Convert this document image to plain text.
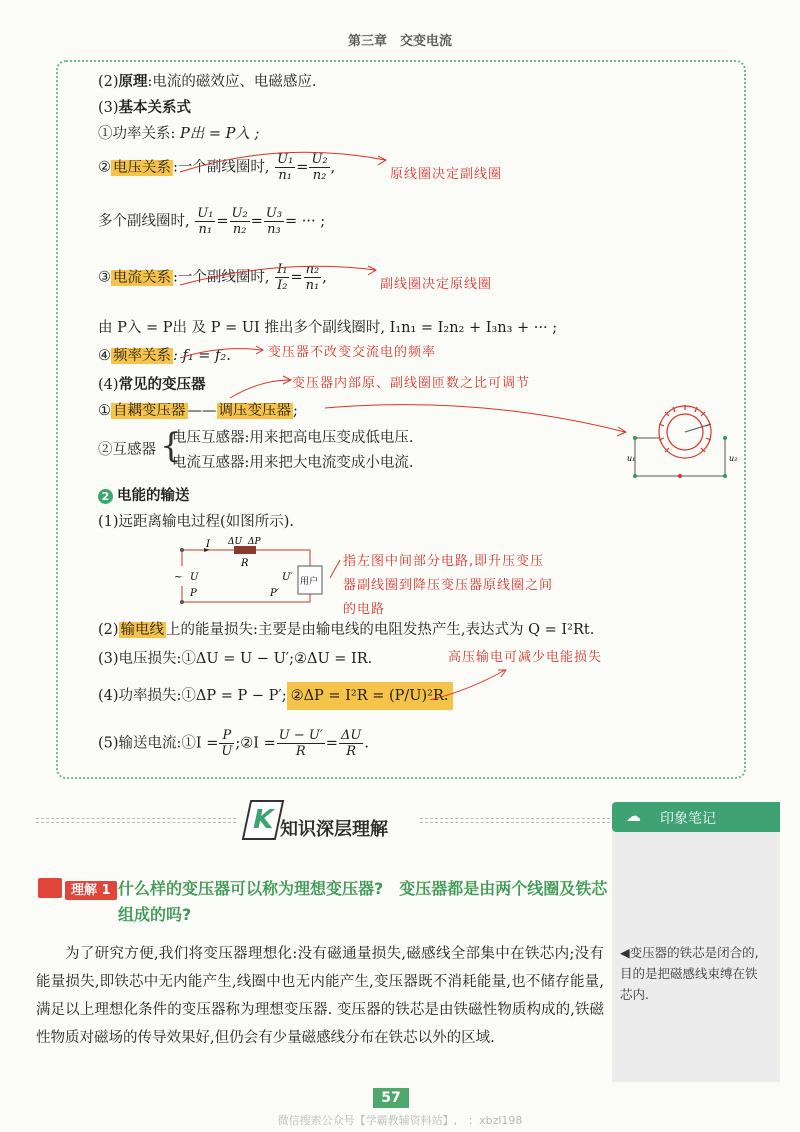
第三章　交变电流
(2)原理:电流的磁效应、电磁感应.
(3)基本关系式
①功率关系: P出 = P入 ;
② 电压关系 :一个副线圈时, $\frac{\text{U₁}}{\text{n₁}} = \frac{\text{U₂}}{\text{n₂}}$ ,
多个副线圈时, $\frac{\text{U₁}}{\text{n₁}} = \frac{\text{U₂}}{\text{n₂}} = \frac{\text{U₃}}{\text{n₃}}$ = ··· ;
③ 电流关系 :一个副线圈时, $\frac{\text{I₁}}{\text{I₂}} = \frac{\text{n₂}}{\text{n₁}}$ ,
由 P入 = P出 及 P = UI 推出多个副线圈时, I₁n₁ = I₂n₂ + I₃n₃ + ··· ;
④ 频率关系 : f₁ = f₂.
(4)常见的变压器
① 自耦变压器 —— 调压变压器 ;
②互感器 {
电压互感器:用来把高电压变成低电压.
电流互感器:用来把大电流变成小电流.
2 电能的输送
(1)远距离输电过程(如图所示).
I ΔU ΔP
R
~ U
P
U′
P′
用户
(2) 输电线 上的能量损失:主要是由输电线的电阻发热产生,表达式为 Q = I²Rt.
(3)电压损失:①ΔU = U − U′;②ΔU = IR.
(4)功率损失:①ΔP = P − P′; ②ΔP = I²R = (P/U)²R.
(5)输送电流:①I = $\frac{P}{U}$ ;②I = $\frac{U - U'}{R} = \frac{\Delta U}{R}$ .
原线圈决定副线圈
副线圈决定原线圈
变压器不改变交流电的频率
变压器内部原、副线圈匝数之比可调节
指左图中间部分电路,即升压变压
器副线圈到降压变压器原线圈之间
的电路
高压输电可减少电能损失
u₁	u₂
K 知识深层理解
☁ 印象笔记
◀变压器的铁芯是闭合的,目的是把磁感线束缚在铁芯内.
理解 1 什么样的变压器可以称为理想变压器?　变压器都是由两个线圈及铁芯组成的吗?
为了研究方便,我们将变压器理想化:没有磁通量损失,磁感线全部集中在铁芯内;没有能量损失,即铁芯中无内能产生,线圈中也无内能产生,变压器既不消耗能量,也不储存能量,满足以上理想化条件的变压器称为理想变压器. 变压器的铁芯是由铁磁性物质构成的,铁磁性物质对磁场的传导效果好,但仍会有少量磁感线分布在铁芯以外的区域.
57
微信搜索公众号【学霸教辅资料站】,　：xbzl198
